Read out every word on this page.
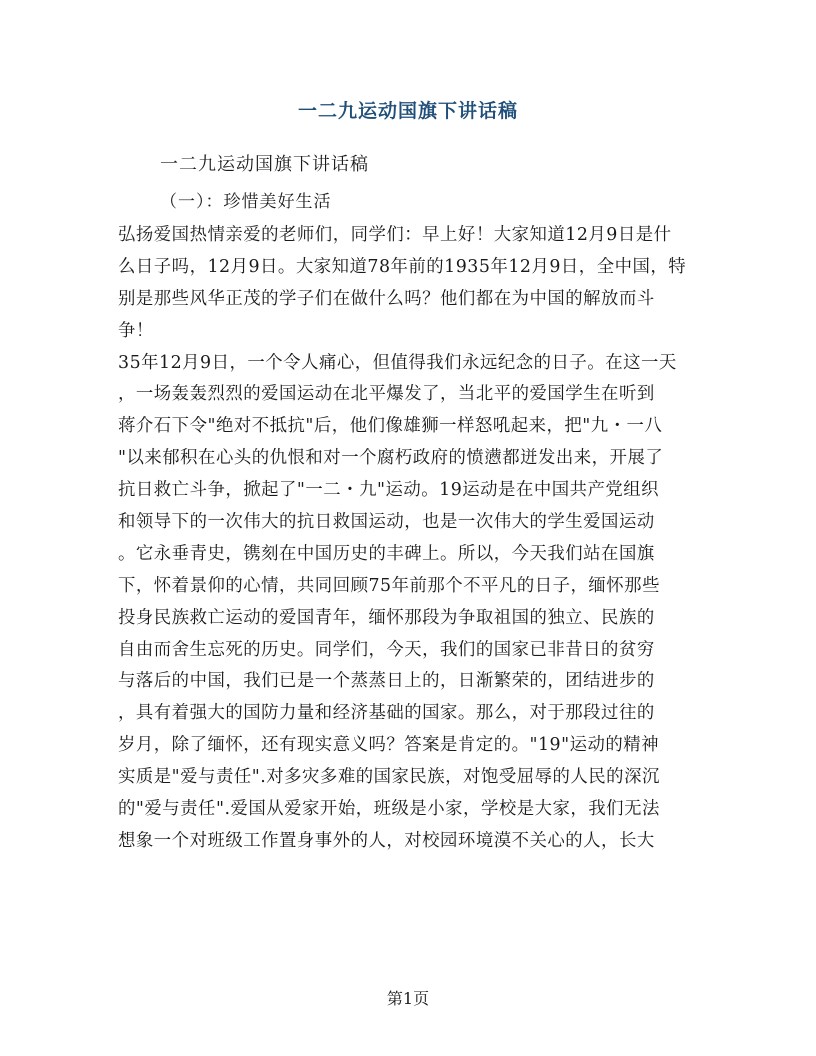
一二九运动国旗下讲话稿
一二九运动国旗下讲话稿
（一）：珍惜美好生活
弘扬爱国热情亲爱的老师们，同学们：早上好！大家知道12月9日是什
么日子吗，12月9日。大家知道78年前的1935年12月9日，全中国，特
别是那些风华正茂的学子们在做什么吗？他们都在为中国的解放而斗
争！
35年12月9日，一个令人痛心，但值得我们永远纪念的日子。在这一天
，一场轰轰烈烈的爱国运动在北平爆发了，当北平的爱国学生在听到
蒋介石下令"绝对不抵抗"后，他们像雄狮一样怒吼起来，把"九・一八
"以来郁积在心头的仇恨和对一个腐朽政府的愤懑都迸发出来，开展了
抗日救亡斗争，掀起了"一二・九"运动。19运动是在中国共产党组织
和领导下的一次伟大的抗日救国运动，也是一次伟大的学生爱国运动
。它永垂青史，镌刻在中国历史的丰碑上。所以，今天我们站在国旗
下，怀着景仰的心情，共同回顾75年前那个不平凡的日子，缅怀那些
投身民族救亡运动的爱国青年，缅怀那段为争取祖国的独立、民族的
自由而舍生忘死的历史。同学们，今天，我们的国家已非昔日的贫穷
与落后的中国，我们已是一个蒸蒸日上的，日渐繁荣的，团结进步的
，具有着强大的国防力量和经济基础的国家。那么，对于那段过往的
岁月，除了缅怀，还有现实意义吗？答案是肯定的。"19"运动的精神
实质是"爱与责任".对多灾多难的国家民族，对饱受屈辱的人民的深沉
的"爱与责任".爱国从爱家开始，班级是小家，学校是大家，我们无法
想象一个对班级工作置身事外的人，对校园环境漠不关心的人，长大
第1页
